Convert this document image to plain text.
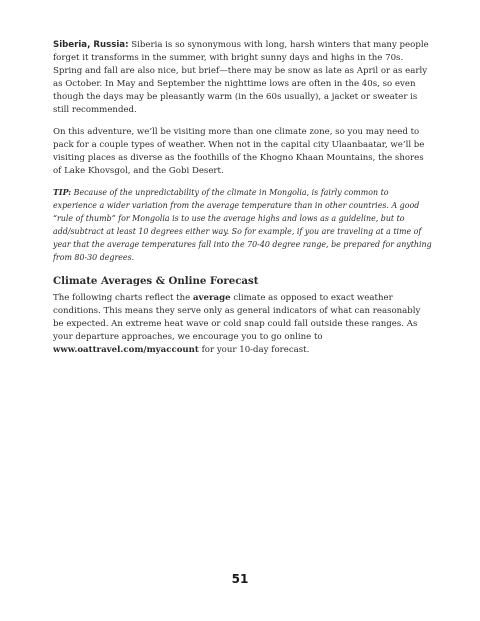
Siberia, Russia: Siberia is so synonymous with long, harsh winters that many people forget it transforms in the summer, with bright sunny days and highs in the 70s. Spring and fall are also nice, but brief—there may be snow as late as April or as early as October. In May and September the nighttime lows are often in the 40s, so even though the days may be pleasantly warm (in the 60s usually), a jacket or sweater is still recommended.

On this adventure, we’ll be visiting more than one climate zone, so you may need to pack for a couple types of weather. When not in the capital city Ulaanbaatar, we’ll be visiting places as diverse as the foothills of the Khogno Khaan Mountains, the shores of Lake Khovsgol, and the Gobi Desert.

TIP: Because of the unpredictability of the climate in Mongolia, is fairly common to experience a wider variation from the average temperature than in other countries. A good “rule of thumb” for Mongolia is to use the average highs and lows as a guideline, but to add/subtract at least 10 degrees either way. So for example, if you are traveling at a time of year that the average temperatures fall into the 70-40 degree range, be prepared for anything from 80-30 degrees.

Climate Averages & Online Forecast

The following charts reflect the average climate as opposed to exact weather conditions. This means they serve only as general indicators of what can reasonably be expected. An extreme heat wave or cold snap could fall outside these ranges. As your departure approaches, we encourage you to go online to www.oattravel.com/myaccount for your 10-day forecast.

51
